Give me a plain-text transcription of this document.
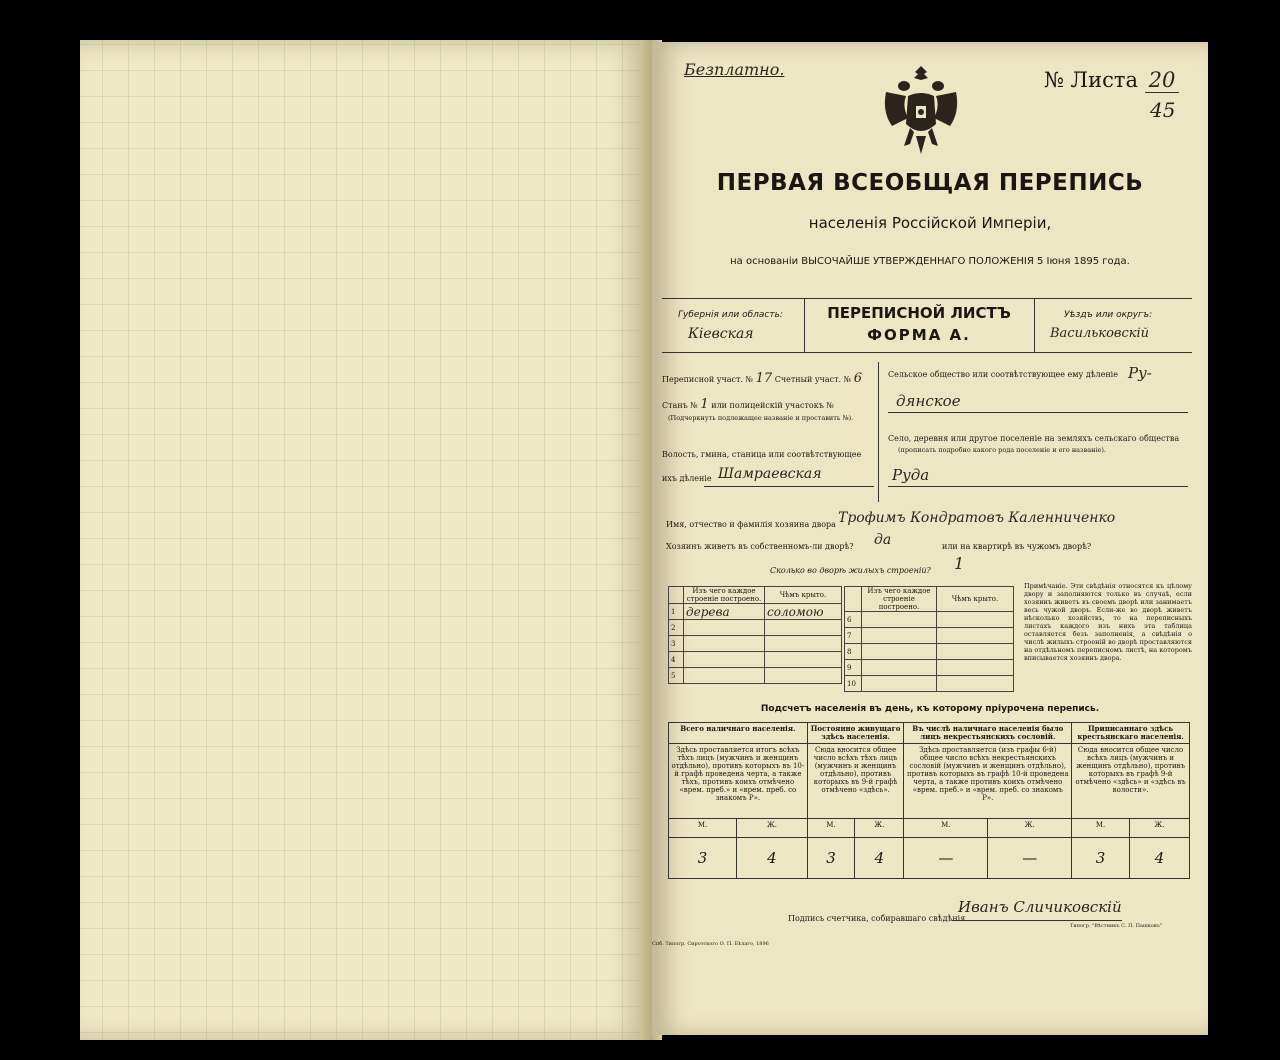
Безплатно.	№ Листа 20
45
ПЕРВАЯ ВСЕОБЩАЯ ПЕРЕПИСЬ
населенія Россійской Имперіи,
на основаніи ВЫСОЧАЙШЕ УТВЕРЖДЕННАГО ПОЛОЖЕНІЯ 5 Іюня 1895 года.
Губернія или область:
Кіевская
ПЕРЕПИСНОЙ ЛИСТЪ
ФОРМА А.
Уѣздъ или округъ:
Васильковскій
Переписной участ. № 17 Счетный участ. № 6
Станъ № 1 или полицейскій участокъ №
(Подчеркнуть подлежащее названіе и проставить №).
Волость, гмина, станица или соотвѣтствующее
ихъ дѣленіе Шамраевская
Сельское общество или соотвѣтствующее ему дѣленіе Ру-
дянское
Село, деревня или другое поселеніе на земляхъ сельскаго общества
(прописать подробно какого рода поселеніе и его названіе).
Руда
Имя, отчество и фамилія хозяина двора Трофимъ Кондратовъ Каленниченко
Хозяинъ живетъ въ собственномъ-ли дворѣ? да	или на квартирѣ въ чужомъ дворѣ?
Сколько во дворѣ жилыхъ строеній? 1
	Изъ чего каждое строеніе построено.	Чѣмъ крыто.
1	дерева	соломою
2		
3		
4		
5		
	Изъ чего каждое строеніе построено.	Чѣмъ крыто.
6		
7		
8		
9		
10		
Примѣчаніе. Эти свѣдѣнія относятся къ цѣлому двору и заполняются только въ случаѣ, если хозяинъ живетъ въ своемъ дворѣ или занимаетъ весь чужой дворъ. Если-же во дворѣ живетъ нѣсколько хозяйствъ, то на переписныхъ листахъ каждого изъ нихъ эта таблица оставляется безъ заполненія, а свѣдѣнія о числѣ жилыхъ строеній во дворѣ проставляются на отдѣльномъ переписномъ листѣ, на которомъ вписывается хозяинъ двора.
Подсчетъ населенія въ день, къ которому пріурочена перепись.
Всего наличнаго населенія.		Постоянно живущаго здѣсь населенія.		Въ числѣ наличнаго населенія было лицъ некрестьянскихъ сословій.		Приписаннаго здѣсь крестьянскаго населенія.	
Здѣсь проставляется итогъ всѣхъ тѣхъ лицъ (мужчинъ и женщинъ отдѣльно), противъ которыхъ въ 10-й графѣ проведена черта, а также тѣхъ, противъ коихъ отмѣчено «врем. преб.» и «врем. преб. со знакомъ Р».		Сюда вносится общее число всѣхъ тѣхъ лицъ (мужчинъ и женщинъ отдѣльно), противъ которыхъ въ 9-й графѣ отмѣчено «здѣсь».		Здѣсь проставляется (изъ графы 6-й) общее число всѣхъ некрестьянскихъ сословій (мужчинъ и женщинъ отдѣльно), противъ которыхъ въ графѣ 10-й проведена черта, а также противъ коихъ отмѣчено «врем. преб.» и «врем. преб. со знакомъ Р».		Сюда вносится общее число всѣхъ лицъ (мужчинъ и женщинъ отдѣльно), противъ которыхъ въ графѣ 9-й отмѣчено «здѣсь» и «здѣсь въ волости».	
М.	Ж.	М.	Ж.	М.	Ж.	М.	Ж.
3	4	3	4	—	—	3	4
Подпись счетчика, собиравшаго свѣдѣнія
Иванъ Сличиковскій
Спб. Типогр. Сиротского О. П. Бѣлаго, 1896
Типогр. "Вѣстникъ С. П. Пашковъ"
